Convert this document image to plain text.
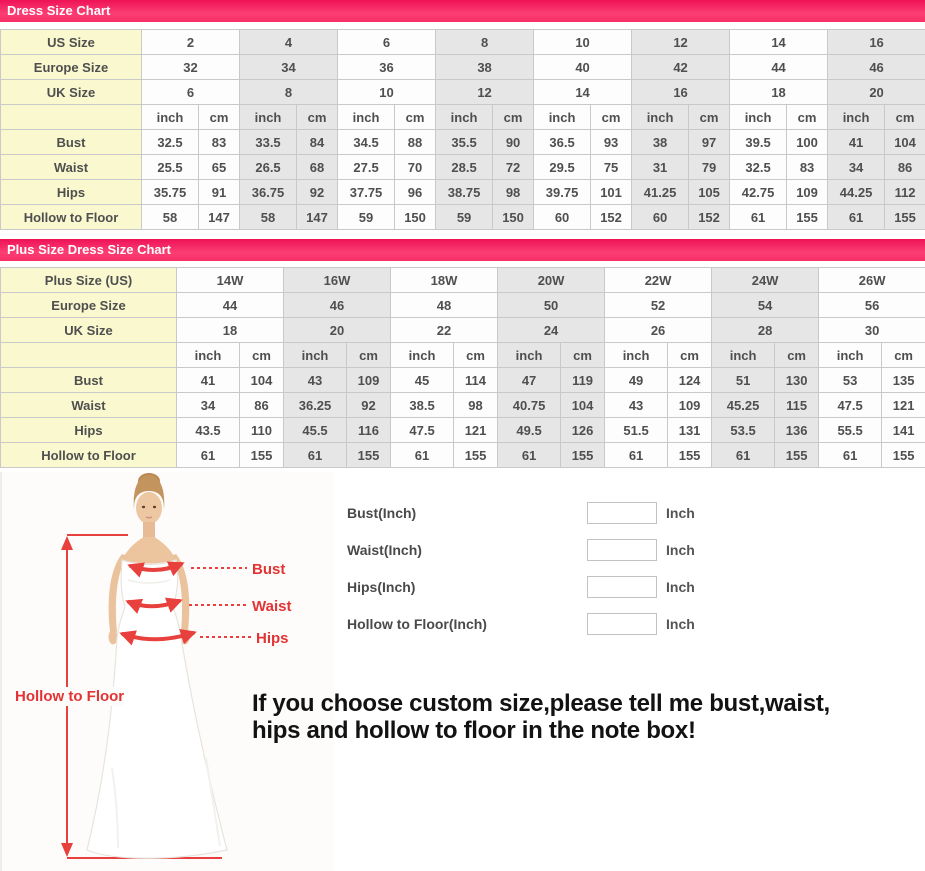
Dress Size Chart
US Size	2		4		6		8		10		12		14		16	
Europe Size	32		34		36		38		40		42		44		46	
UK Size	6		8		10		12		14		16		18		20	
	inch	cm	inch	cm	inch	cm	inch	cm	inch	cm	inch	cm	inch	cm	inch	cm
Bust	32.5	83	33.5	84	34.5	88	35.5	90	36.5	93	38	97	39.5	100	41	104
Waist	25.5	65	26.5	68	27.5	70	28.5	72	29.5	75	31	79	32.5	83	34	86
Hips	35.75	91	36.75	92	37.75	96	38.75	98	39.75	101	41.25	105	42.75	109	44.25	112
Hollow to Floor	58	147	58	147	59	150	59	150	60	152	60	152	61	155	61	155
Plus Size Dress Size Chart
Plus Size (US)	14W		16W		18W		20W		22W		24W		26W	
Europe Size	44		46		48		50		52		54		56	
UK Size	18		20		22		24		26		28		30	
	inch	cm	inch	cm	inch	cm	inch	cm	inch	cm	inch	cm	inch	cm
Bust	41	104	43	109	45	114	47	119	49	124	51	130	53	135
Waist	34	86	36.25	92	38.5	98	40.75	104	43	109	45.25	115	47.5	121
Hips	43.5	110	45.5	116	47.5	121	49.5	126	51.5	131	53.5	136	55.5	141
Hollow to Floor	61	155	61	155	61	155	61	155	61	155	61	155	61	155
Bust
Waist
Hips
Hollow to Floor
Bust(Inch)	Inch
Waist(Inch)	Inch
Hips(Inch)	Inch
Hollow to Floor(Inch)	Inch
If you choose custom size,please tell me bust,waist,
hips and hollow to floor in the note box!
